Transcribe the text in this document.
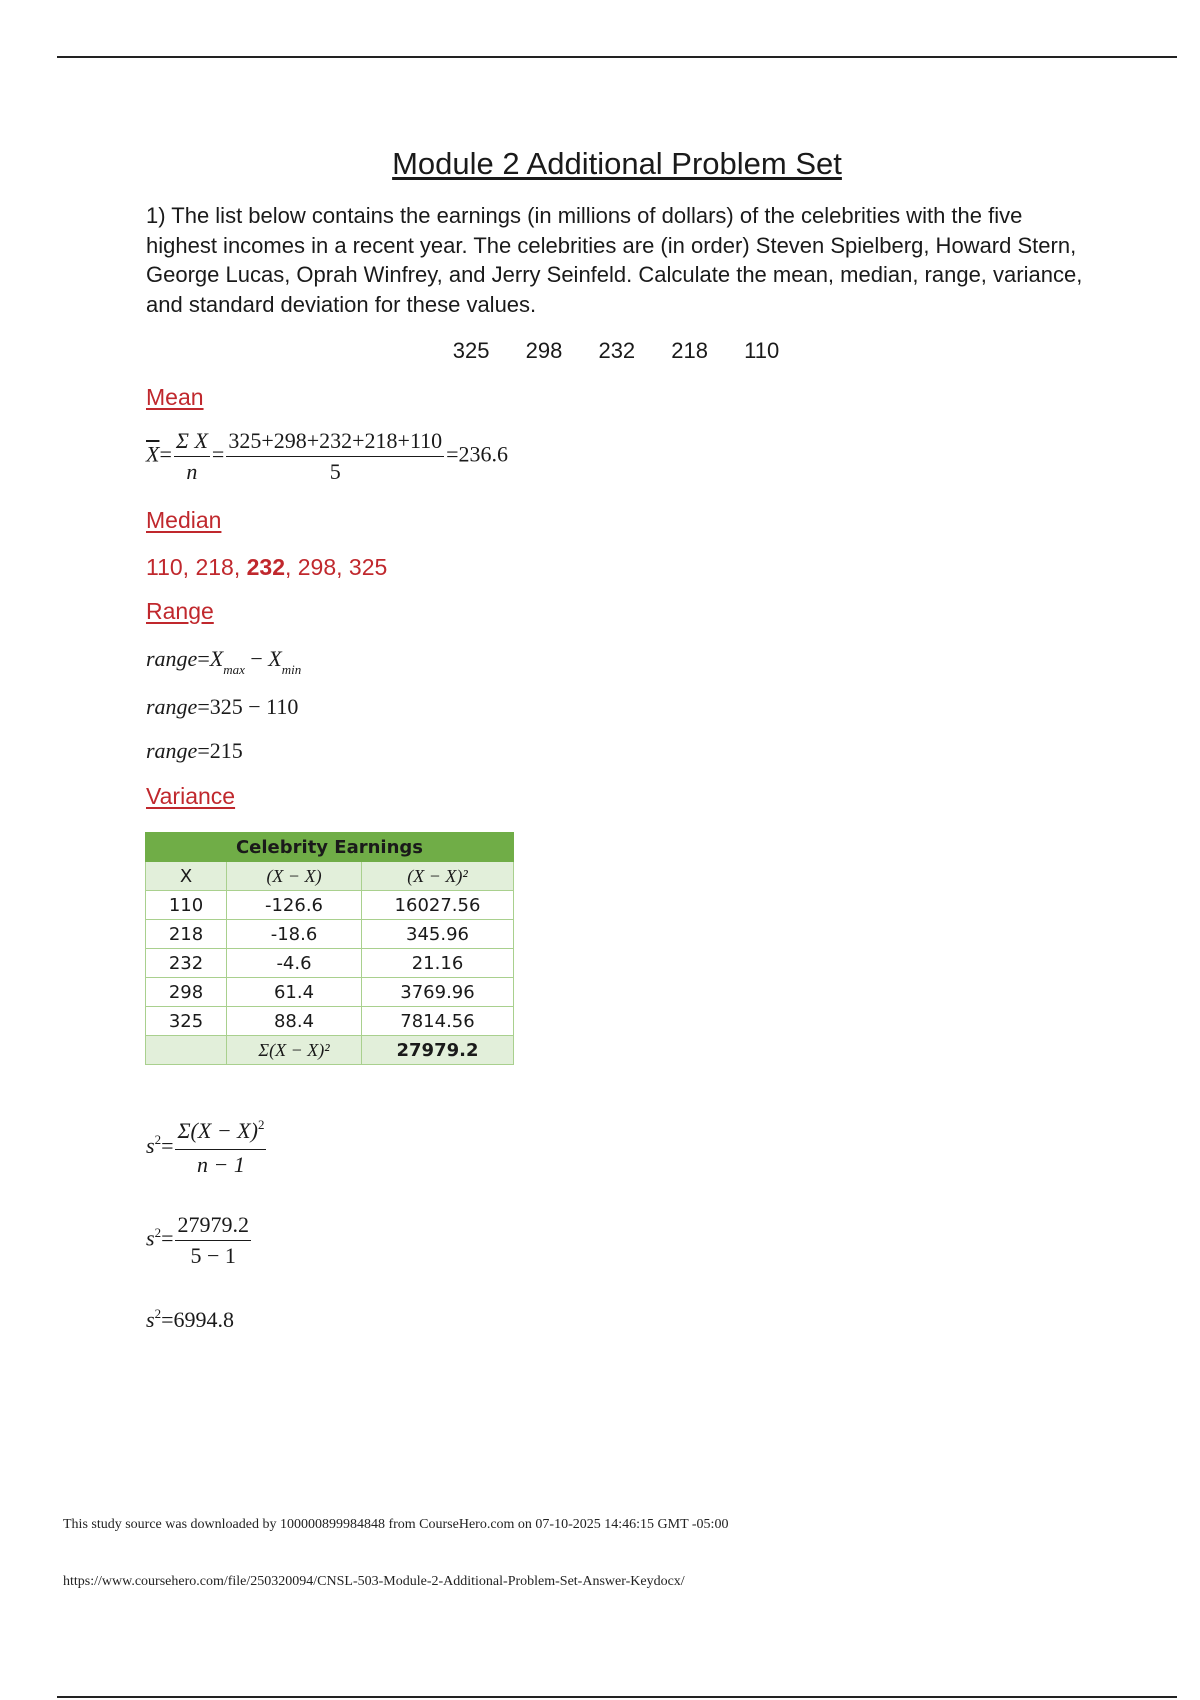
Module 2 Additional Problem Set

1) The list below contains the earnings (in millions of dollars) of the celebrities with the five highest incomes in a recent year. The celebrities are (in order) Steven Spielberg, Howard Stern, George Lucas, Oprah Winfrey, and Jerry Seinfeld. Calculate the mean, median, range, variance, and standard deviation for these values.

325 298 232 218 110
Mean
$\overline{X}= \frac{\text{Σ X}}{n} = \frac{325+298+232+218+110}{5} =236.6$
Median
110, 218, 232, 298, 325
Range
$range=X_{max} - X_{min}$
range=325 − 110
range=215
Variance
Celebrity Earnings		
X	(X − X)	(X − X)²
110	-126.6	16027.56
218	-18.6	345.96
232	-4.6	21.16
298	61.4	3769.96
325	88.4	7814.56
	Σ(X − X)²	27979.2
$s^2= \frac{\Sigma(X - X)^2}{n - 1}$
$s^2= \frac{27979.2}{5 - 1}$
$s^2=6994.8$
This study source was downloaded by 100000899984848 from CourseHero.com on 07-10-2025 14:46:15 GMT -05:00
https://www.coursehero.com/file/250320094/CNSL-503-Module-2-Additional-Problem-Set-Answer-Keydocx/
